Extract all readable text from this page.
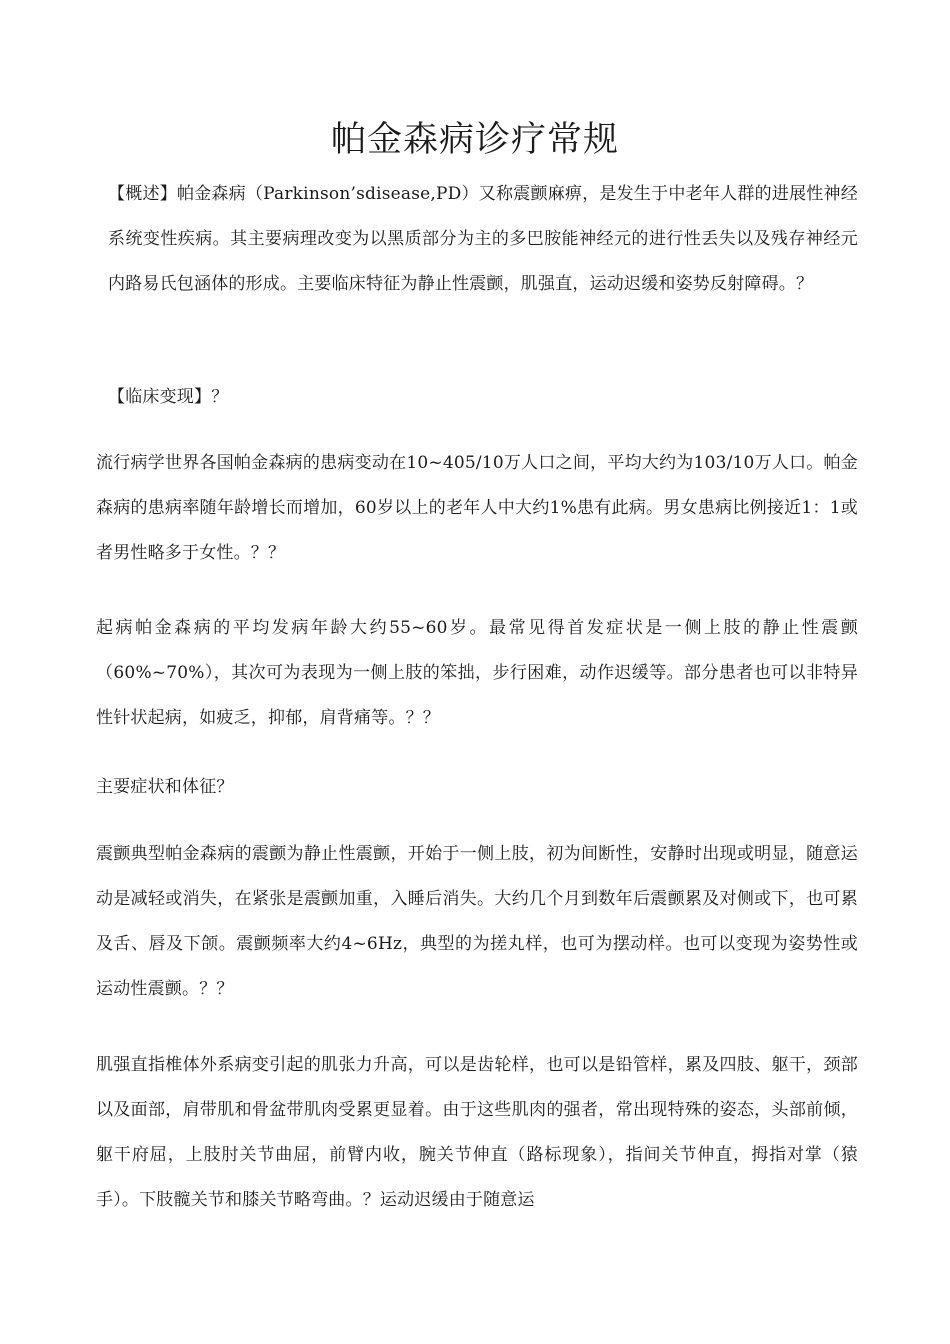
帕金森病诊疗常规

【概述】帕金森病（Parkinson’sdisease,PD）又称震颤麻痹，是发生于中老年人群的进展性神经系统变性疾病。其主要病理改变为以黑质部分为主的多巴胺能神经元的进行性丢失以及残存神经元内路易氏包涵体的形成。主要临床特征为静止性震颤，肌强直，运动迟缓和姿势反射障碍。？

【临床变现】？

流行病学世界各国帕金森病的患病变动在10~405/10万人口之间，平均大约为103/10万人口。帕金森病的患病率随年龄增长而增加，60岁以上的老年人中大约1%患有此病。男女患病比例接近1：1或者男性略多于女性。？？

起病帕金森病的平均发病年龄大约55~60岁。最常见得首发症状是一侧上肢的静止性震颤（60%~70%），其次可为表现为一侧上肢的笨拙，步行困难，动作迟缓等。部分患者也可以非特异性针状起病，如疲乏，抑郁，肩背痛等。？？

主要症状和体征？

震颤典型帕金森病的震颤为静止性震颤，开始于一侧上肢，初为间断性，安静时出现或明显，随意运动是减轻或消失，在紧张是震颤加重，入睡后消失。大约几个月到数年后震颤累及对侧或下，也可累及舌、唇及下颌。震颤频率大约4~6Hz，典型的为搓丸样，也可为摆动样。也可以变现为姿势性或运动性震颤。？？

肌强直指椎体外系病变引起的肌张力升高，可以是齿轮样，也可以是铅管样，累及四肢、躯干，颈部以及面部，肩带肌和骨盆带肌肉受累更显着。由于这些肌肉的强者，常出现特殊的姿态，头部前倾，躯干府屈，上肢肘关节曲屈，前臂内收，腕关节伸直（路标现象），指间关节伸直，拇指对掌（猿手）。下肢髋关节和膝关节略弯曲。？运动迟缓由于随意运
